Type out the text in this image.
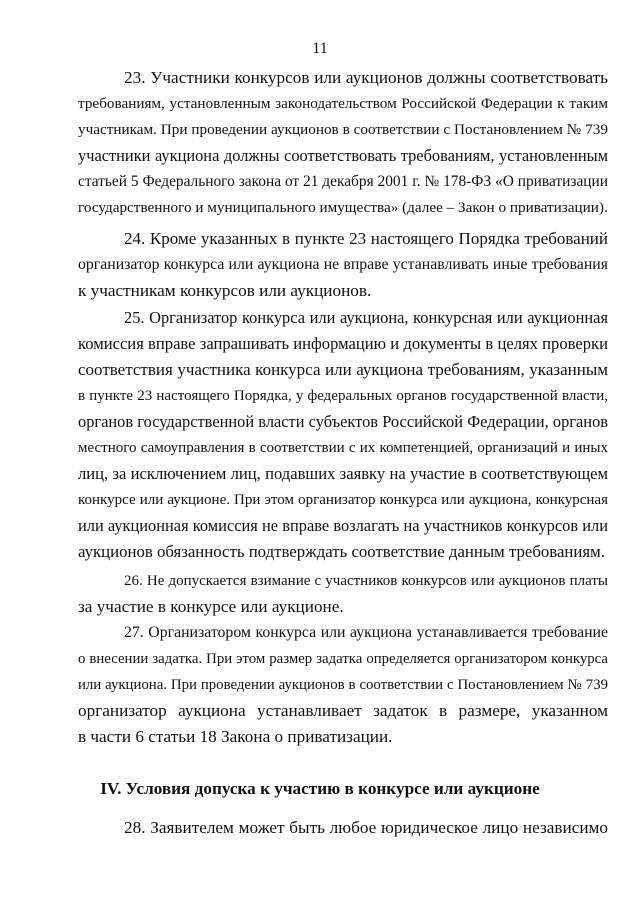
11
23. Участники конкурсов или аукционов должны соответствовать
требованиям, установленным законодательством Российской Федерации к таким
участникам. При проведении аукционов в соответствии с Постановлением № 739
участники аукциона должны соответствовать требованиям, установленным
статьей 5 Федерального закона от 21 декабря 2001 г. № 178-ФЗ «О приватизации
государственного и муниципального имущества» (далее – Закон о приватизации).
24. Кроме указанных в пункте 23 настоящего Порядка требований
организатор конкурса или аукциона не вправе устанавливать иные требования
к участникам конкурсов или аукционов.
25. Организатор конкурса или аукциона, конкурсная или аукционная
комиссия вправе запрашивать информацию и документы в целях проверки
соответствия участника конкурса или аукциона требованиям, указанным
в пункте 23 настоящего Порядка, у федеральных органов государственной власти,
органов государственной власти субъектов Российской Федерации, органов
местного самоуправления в соответствии с их компетенцией, организаций и иных
лиц, за исключением лиц, подавших заявку на участие в соответствующем
конкурсе или аукционе. При этом организатор конкурса или аукциона, конкурсная
или аукционная комиссия не вправе возлагать на участников конкурсов или
аукционов обязанность подтверждать соответствие данным требованиям.
26. Не допускается взимание с участников конкурсов или аукционов платы
за участие в конкурсе или аукционе.
27. Организатором конкурса или аукциона устанавливается требование
о внесении задатка. При этом размер задатка определяется организатором конкурса
или аукциона. При проведении аукционов в соответствии с Постановлением № 739
организатор аукциона устанавливает задаток в размере, указанном
в части 6 статьи 18 Закона о приватизации.
IV. Условия допуска к участию в конкурсе или аукционе
28. Заявителем может быть любое юридическое лицо независимо
